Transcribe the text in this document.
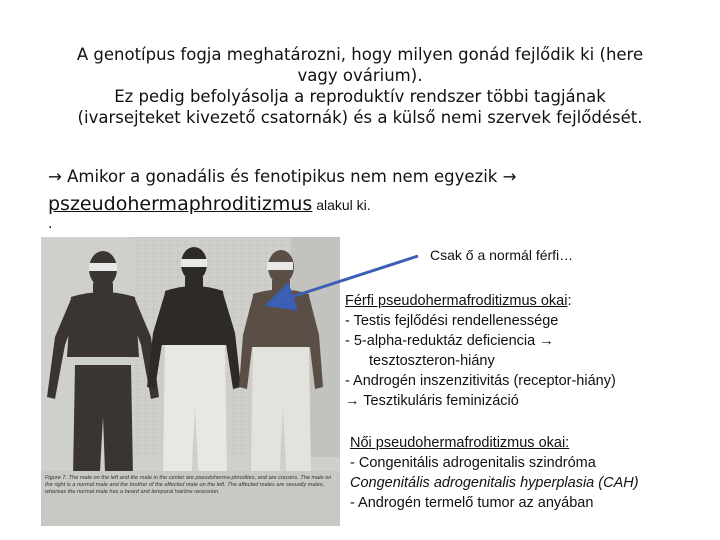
A genotípus fogja meghatározni, hogy milyen gonád fejlődik ki (here
vagy ovárium).
Ez pedig befolyásolja a reproduktív rendszer többi tagjának
(ivarsejteket kivezető csatornák) és a külső nemi szervek fejlődését.
→ Amikor a gonadális és fenotipikus nem nem egyezik →
pszeudohermaphroditizmus alakul ki.
.
Figure 7. The male on the left and the male in the center are pseudoherma-phrodites, and are cousins. The male on the right is a normal male and the brother of the affected male on the left. The affected males are sexually males, whereas the normal male has a beard and temporal hairline recession.
Csak ő a normál férfi…
Férfi pseudohermafroditizmus okai:
- Testis fejlődési rendellenessége
- 5-alpha-reduktáz deficiencia →
tesztoszteron-hiány
- Androgén inszenzitivitás (receptor-hiány)
→ Tesztikuláris feminizáció
Női pseudohermafroditizmus okai:
- Congenitális adrogenitalis szindróma
Congenitális adrogenitalis hyperplasia (CAH)
- Androgén termelő tumor az anyában
